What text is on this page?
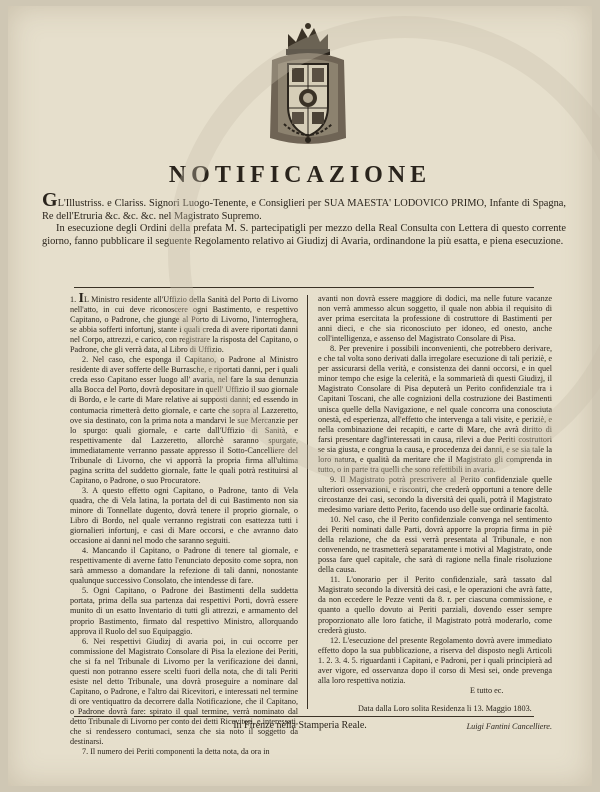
NOTIFICAZIONE

GL'Illustriss. e Clariss. Signori Luogo-Tenente, e Consiglieri per SUA MAESTA' LODOVICO PRIMO, Infante di Spagna, Re dell'Etruria &c. &c. &c. nel Magistrato Supremo.

In esecuzione degli Ordini della prefata M. S. partecipatigli per mezzo della Real Consulta con Lettera di questo corrente giorno, fanno pubblicare il seguente Regolamento relativo ai Giudizj di Avaria, ordinandone la più esatta, e piena esecuzione.

1. IL Ministro residente all'Uffizio della Sanità del Porto di Livorno nell'atto, in cui deve riconoscere ogni Bastimento, e respettivo Capitano, o Padrone, che giunge al Porto di Livorno, l'interroghera, se abbia sofferti infortunj, stante i quali creda di avere riportati danni nel Corpo, attrezzi, e carico, con registrare la risposta del Capitano, o Padrone, che gli verrà data, al Libro di Uffizio.

2. Nel caso, che esponga il Capitano, o Padrone al Ministro residente di aver sofferte delle Burrasche, e riportati danni, per i quali creda esso Capitano esser luogo all' avaria, nel fare la sua denunzia alla Bocca del Porto, dovrà depositare in quell' Uffizio il suo giornale di Bordo, e le carte di Mare relative ai supposti danni; ed essendo in contumacia rimetterà detto giornale, e carte che sopra al Lazzeretto, ove sia destinato, con la prima nota a mandarvi le sue Mercanzie per lo spurgo: quali giornale, e carte dall'Uffizio di Sanità, e respettivamente dal Lazzeretto, allorchè saranno spurgate, immediatamente verranno passate appresso il Sotto-Cancelliere del Tribunale di Livorno, che vi apporrà la propria firma all'ultima pagina scritta del suddetto giornale, fatte le quali potrà restituirsi al Capitano, o Padrone, o suo Procuratore.

3. A questo effetto ogni Capitano, o Padrone, tanto di Vela quadra, che di Vela latina, la portata del di cui Bastimento non sia minore di Tonnellate dugento, dovrà tenere il proprio giornale, o Libro di Bordo, nel quale verranno registrati con esattezza tutti i giornalieri infortunj, e casi di Mare occorsi, e che avranno dato occasione ai danni nel modo che saranno seguiti.

4. Mancando il Capitano, o Padrone di tenere tal giornale, e respettivamente di averne fatto l'enunciato deposito come sopra, non sarà ammesso a domandare la refezione di tali danni, nonostante qualunque successivo Consolato, che intendesse di fare.

5. Ogni Capitano, o Padrone dei Bastimenti della suddetta portata, prima della sua partenza dai respettivi Porti, dovrà essere munito di un esatto Inventario di tutti gli attrezzi, e armamento del proprio Bastimento, firmato dal respettivo Ministro, allorquando approva il Ruolo del suo Equipaggio.

6. Nei respettivi Giudizj di avaria poi, in cui occorre per commissione del Magistrato Consolare di Pisa la elezione dei Periti, che si fa nel Tribunale di Livorno per la verificazione dei danni, questi non potranno essere scelti fuori della nota, che di tali Periti esiste nel detto Tribunale, una dovrà proseguire a nominare dal Capitano, o Padrone, e l'altro dai Ricevitori, e interessati nel termine di ore ventiquattro da decorrere dalla Notificazione, che il Capitano, o Padrone dovrà fare: spirato il qual termine, verrà nominato dal detto Tribunale di Livorno per conto dei detti Ricevitori, e interessati, che si rendessero contumaci, senza che sia noto il soggetto da destinarsi.

7. Il numero dei Periti componenti la detta nota, da ora in

avanti non dovrà essere maggiore di dodici, ma nelle future vacanze non verrà ammesso alcun soggetto, il quale non abbia il requisito di aver prima esercitata la professione di costruttore di Bastimenti per anni dieci, e che sia riconosciuto per idoneo, ed onesto, anche coll'intelligenza, e assenso del Magistrato Consolare di Pisa.

8. Per prevenire i possibili inconvenienti, che potrebbero derivare, e che tal volta sono derivati dalla irregolare esecuzione di tali periziè, e per assicurarsi della verità, e consistenza dei danni occorsi, e in quel minor tempo che esige la celerità, e la sommarietà di questi Giudizj, il Magistrato Consolare di Pisa deputerà un Perito confidenziale tra i Capitani Toscani, che alle cognizioni della costruzione dei Bastimenti unisca quelle della Navigazione, e nel quale concorra una conosciuta onestà, ed esperienza, all'effetto che intervenga a tali visite, e periziè, e nella combinazione dei recapiti, e carte di Mare, che avrà diritto di farsi presentare dagl'interessati in causa, rilevi a due Periti costruttori se sia giusta, e congrua la causa, e procedenza dei danni, e se sia tale la loro natura, e qualità da meritare che il Magistrato gli comprenda in tutto, o in parte tra quelli che sono refettibili in avaria.

9. Il Magistrato potrà prescrivere al Perito confidenziale quelle ulteriori osservazioni, e riscontri, che crederà opportuni a tenore delle circostanze dei casi, secondo la diversità dei quali, potrà il Magistrato medesimo variare detto Perito, facendo uso delle sue ordinarie facoltà.

10. Nel caso, che il Perito confidenziale convenga nel sentimento dei Periti nominati dalle Parti, dovrà apporre la propria firma in piè della relazione, che da essi verrà presentata al Tribunale, e non convenendo, ne trasmetterà separatamente i motivi al Magistrato, onde possa fare quel capitale, che sarà di ragione nella finale risoluzione della causa.

11. L'onorario per il Perito confidenziale, sarà tassato dal Magistrato secondo la diversità dei casi, e le operazioni che avrà fatte, da non eccedere le Pezze venti da 8. r. per ciascuna commissione, e quanto a quello dovuto ai Periti parziali, dovendo esser sempre proporzionato alle loro fatiche, il Magistrato potrà moderarlo, come crederà giusto.

12. L'esecuzione del presente Regolamento dovrà avere immediato effetto dopo la sua pubblicazione, a riserva del disposto negli Articoli 1. 2. 3. 4. 5. riguardanti i Capitani, e Padroni, per i quali principierà ad aver vigore, ed osservanza dopo il corso di Mesi sei, onde prevenga alla loro respettiva notizia.

E tutto ec.

Data dalla Loro solita Residenza li 13. Maggio 1803.

Luigi Fantini Cancelliere.

In Firenze nella Stamperia Reale.
